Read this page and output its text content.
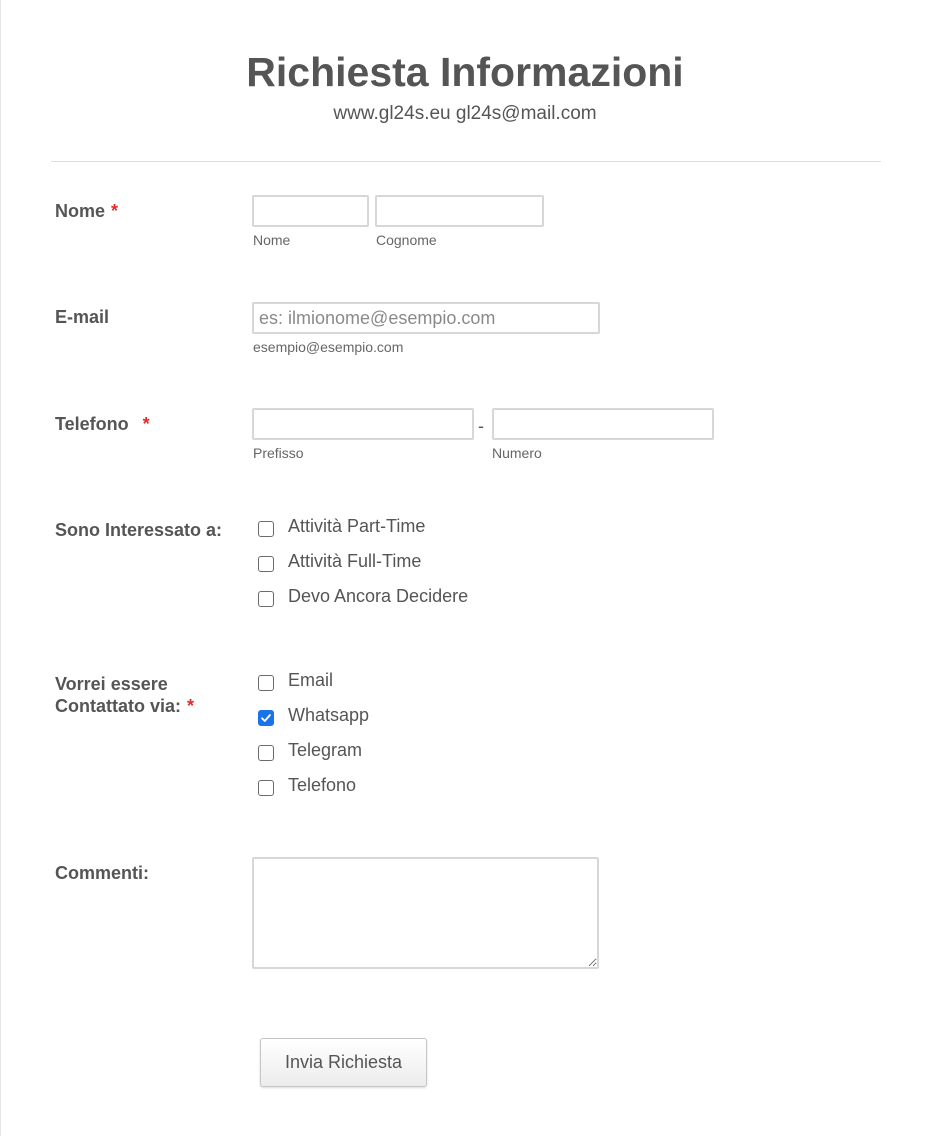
Richiesta Informazioni
www.gl24s.eu gl24s@mail.com
Nome *
Nome	Cognome
E-mail
es: ilmionome@esempio.com
esempio@esempio.com
Telefono *	-
Prefisso	Numero
Sono Interessato a:	Attività Part-Time
Attività Full-Time
Devo Ancora Decidere
Vorrei essere
Contattato via: *
Email
Whatsapp
Telegram
Telefono
Commenti:
Invia Richiesta
